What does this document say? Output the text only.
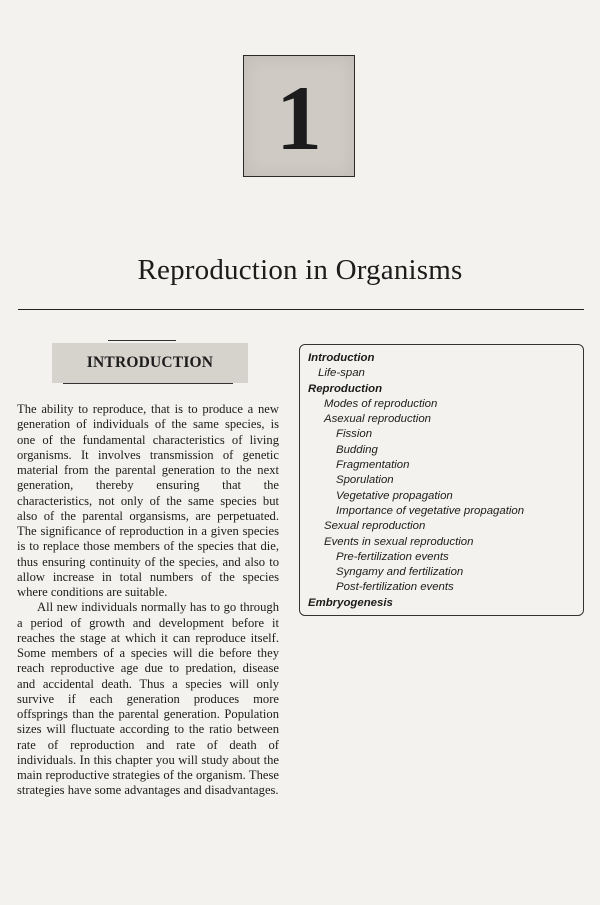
1
Reproduction in Organisms
INTRODUCTION

The ability to reproduce, that is to produce a new generation of individuals of the same species, is one of the fundamental characteristics of living organisms. It involves transmission of genetic material from the parental generation to the next generation, thereby ensuring that the characteristics, not only of the same species but also of the parental organsisms, are perpetuated. The significance of reproduction in a given species is to replace those members of the species that die, thus ensuring continuity of the species, and also to allow increase in total numbers of the species where conditions are suitable.

All new individuals normally has to go through a period of growth and development before it reaches the stage at which it can reproduce itself. Some members of a species will die before they reach reproductive age due to predation, disease and accidental death. Thus a species will only survive if each generation produces more offsprings than the parental generation. Population sizes will fluctuate according to the ratio between rate of reproduction and rate of death of individuals. In this chapter you will study about the main reproductive strategies of the organism. These strategies have some advantages and disadvantages.

Introduction
Life-span
Reproduction
Modes of reproduction
Asexual reproduction
Fission
Budding
Fragmentation
Sporulation
Vegetative propagation
Importance of vegetative propagation
Sexual reproduction
Events in sexual reproduction
Pre-fertilization events
Syngamy and fertilization
Post-fertilization events
Embryogenesis
